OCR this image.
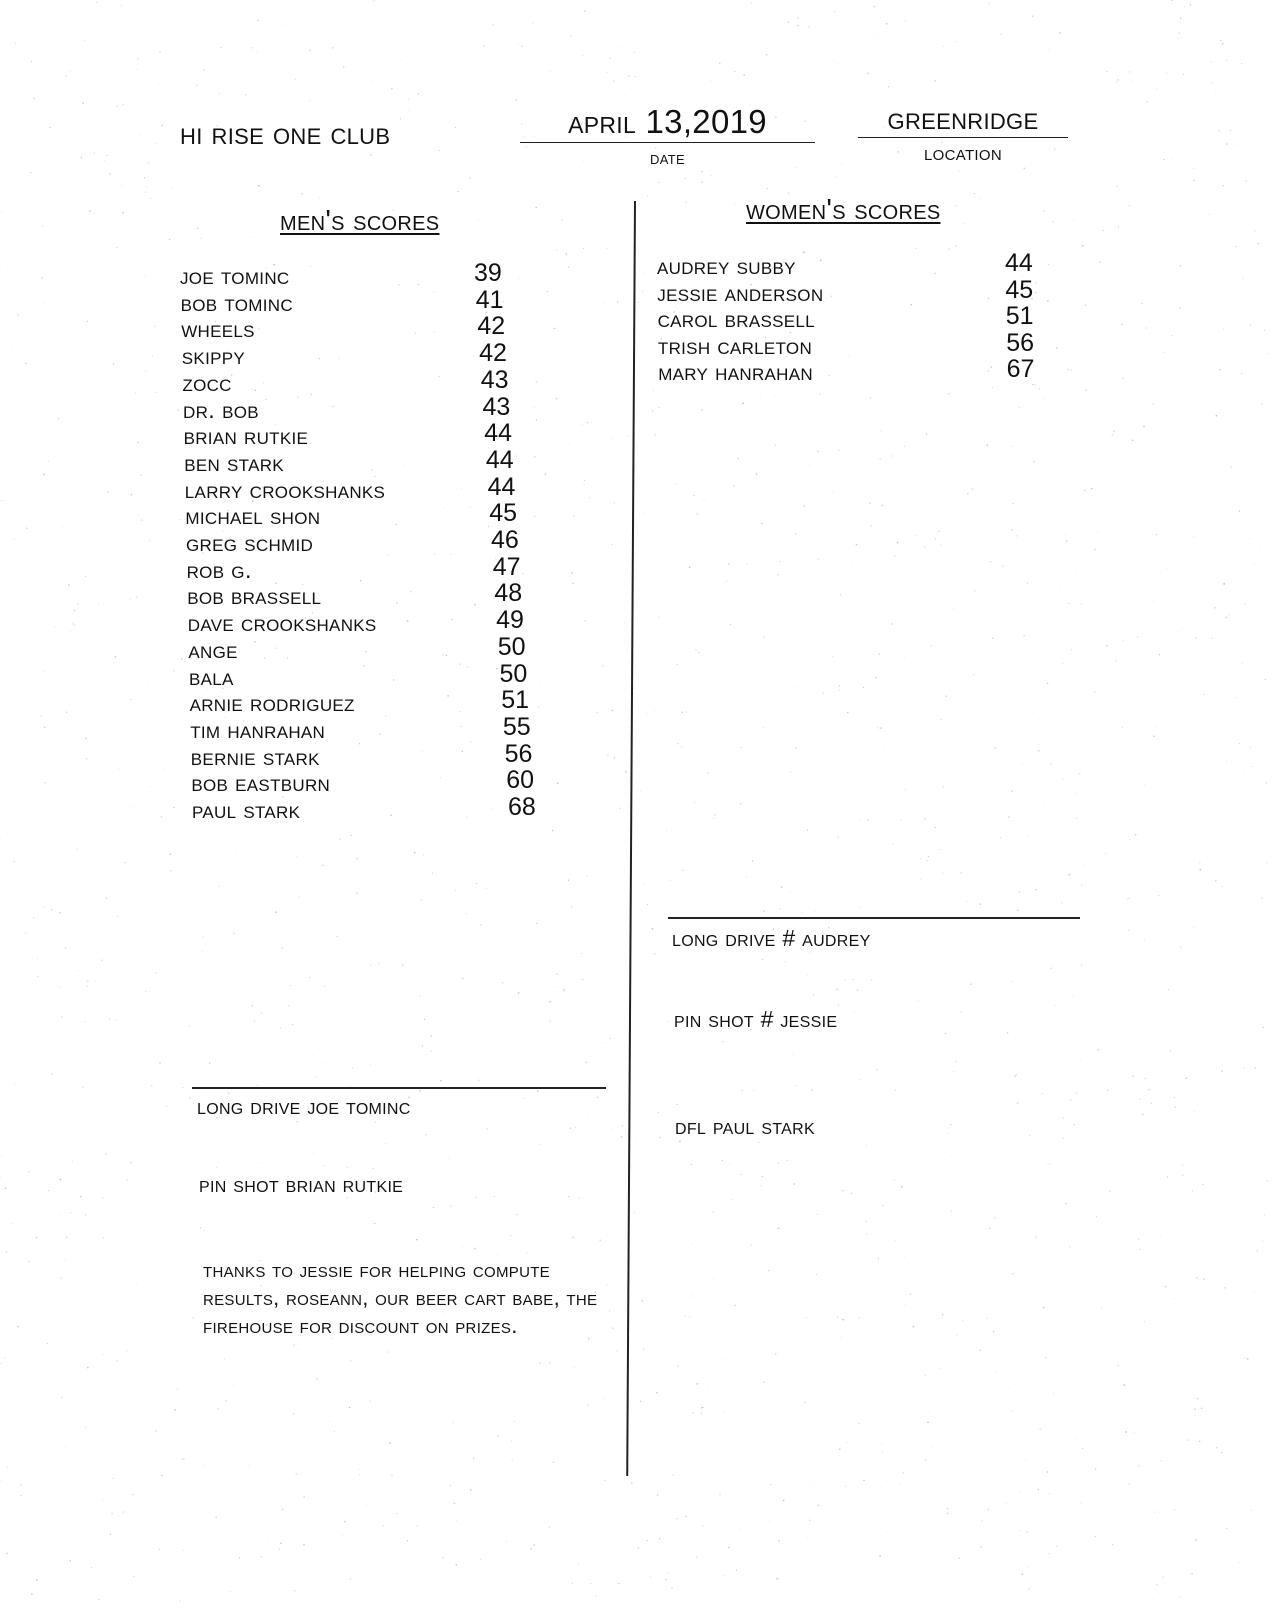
hi rise one club	april 13,2019
date
greenridge
location
men's scores
joe tominc	39
bob tominc	41
wheels	42
skippy	42
zocc	43
dr. bob	43
brian rutkie	44
ben stark	44
larry crookshanks	44
michael shon	45
greg schmid	46
rob g.	47
bob brassell	48
dave crookshanks	49
ange	50
bala	50
arnie rodriguez	51
tim hanrahan	55
bernie stark	56
bob eastburn	60
paul stark	68
long drive joe tominc
pin shot brian rutkie
thanks to jessie for helping compute results, roseann, our beer cart babe, the firehouse for discount on prizes.
women's scores
audrey subby	44
jessie anderson	45
carol brassell	51
trish carleton	56
mary hanrahan	67
long drive # audrey
pin shot # jessie
dfl paul stark
